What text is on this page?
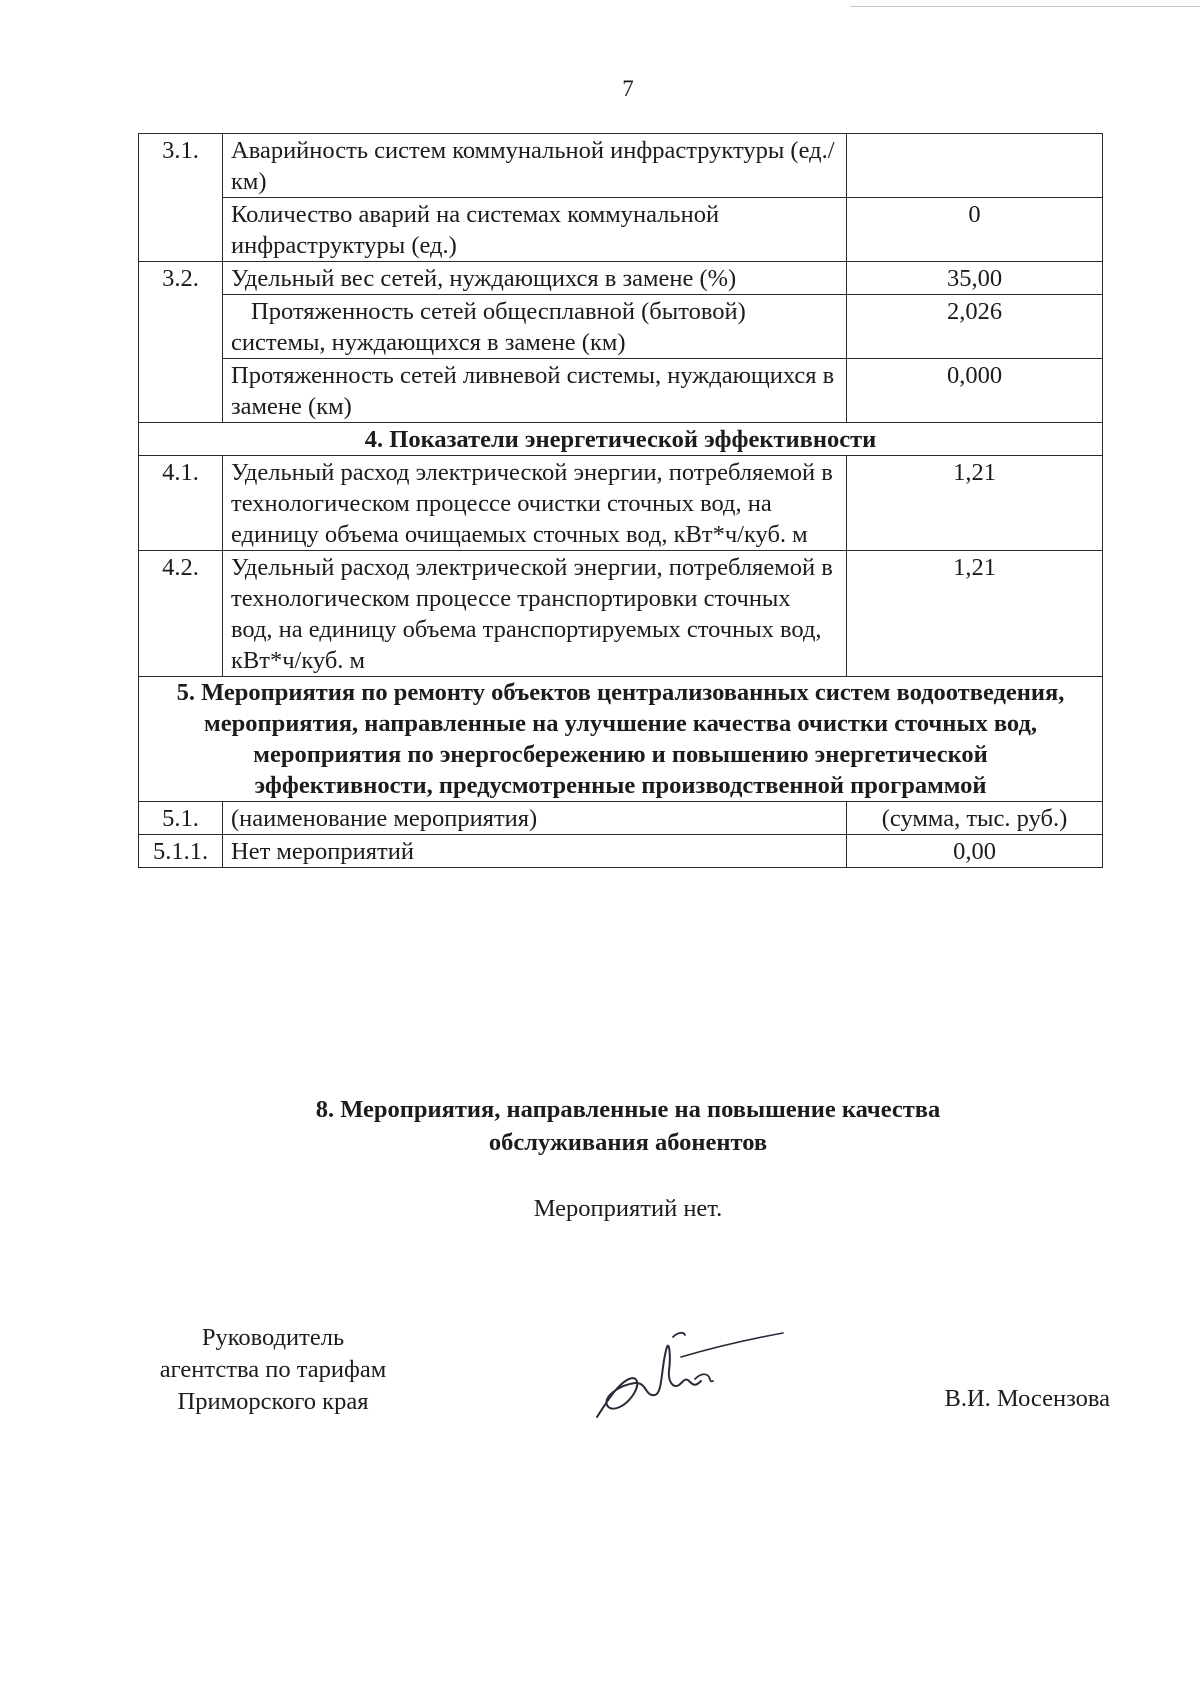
7
3.1.	Аварийность систем коммунальной инфраструктуры (ед./км)	
	Количество аварий на системах коммунальной инфраструктуры (ед.)	0
3.2.	Удельный вес сетей, нуждающихся в замене (%)	35,00
	Протяженность сетей общесплавной (бытовой) системы, нуждающихся в замене (км)	2,026
	Протяженность сетей ливневой системы, нуждающихся в замене (км)	0,000
4. Показатели энергетической эффективности		
4.1.	Удельный расход электрической энергии, потребляемой в технологическом процессе очистки сточных вод, на единицу объема очищаемых сточных вод, кВт*ч/куб. м	1,21
4.2.	Удельный расход электрической энергии, потребляемой в технологическом процессе транспортировки сточных вод, на единицу объема транспортируемых сточных вод, кВт*ч/куб. м	1,21
5. Мероприятия по ремонту объектов централизованных систем водоотведения, мероприятия, направленные на улучшение качества очистки сточных вод, мероприятия по энергосбережению и повышению энергетической эффективности, предусмотренные производственной программой		
5.1.	(наименование мероприятия)	(сумма, тыс. руб.)
5.1.1.	Нет мероприятий	0,00
8. Мероприятия, направленные на повышение качества
обслуживания абонентов
Мероприятий нет.
Руководитель
агентства по тарифам
Приморского края	В.И. Мосензова
